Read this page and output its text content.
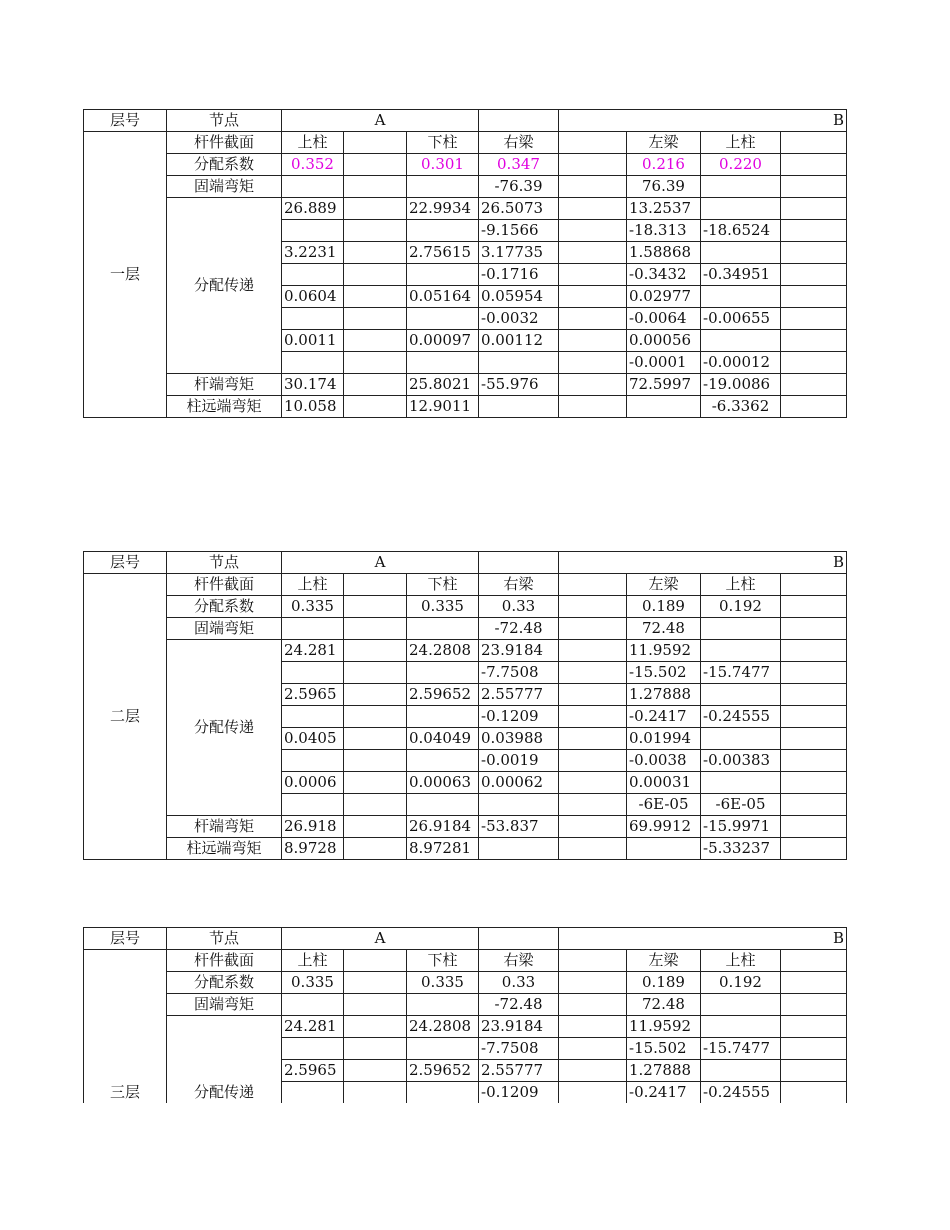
层号	节点	A				B			
一层	杆件截面	上柱		下柱	右梁		左梁	上柱	
	分配系数	0.352		0.301	0.347		0.216	0.220	
	固端弯矩				-76.39		76.39		
	分配传递	26.889		22.9934	26.5073		13.2537		
					-9.1566		-18.313	-18.6524	
		3.2231		2.75615	3.17735		1.58868		
					-0.1716		-0.3432	-0.34951	
		0.0604		0.05164	0.05954		0.02977		
					-0.0032		-0.0064	-0.00655	
		0.0011		0.00097	0.00112		0.00056		
							-0.0001	-0.00012	
	杆端弯矩	30.174		25.8021	-55.976		72.5997	-19.0086	
	柱远端弯矩	10.058		12.9011				-6.3362	
层号	节点	A				B			
二层	杆件截面	上柱		下柱	右梁		左梁	上柱	
	分配系数	0.335		0.335	0.33		0.189	0.192	
	固端弯矩				-72.48		72.48		
	分配传递	24.281		24.2808	23.9184		11.9592		
					-7.7508		-15.502	-15.7477	
		2.5965		2.59652	2.55777		1.27888		
					-0.1209		-0.2417	-0.24555	
		0.0405		0.04049	0.03988		0.01994		
					-0.0019		-0.0038	-0.00383	
		0.0006		0.00063	0.00062		0.00031		
							-6E-05	-6E-05	
	杆端弯矩	26.918		26.9184	-53.837		69.9912	-15.9971	
	柱远端弯矩	8.9728		8.97281				-5.33237	
层号	节点	A				B			
三层	杆件截面	上柱		下柱	右梁		左梁	上柱	
	分配系数	0.335		0.335	0.33		0.189	0.192	
	固端弯矩				-72.48		72.48		
	分配传递	24.281		24.2808	23.9184		11.9592		
					-7.7508		-15.502	-15.7477	
		2.5965		2.59652	2.55777		1.27888		
					-0.1209		-0.2417	-0.24555	
